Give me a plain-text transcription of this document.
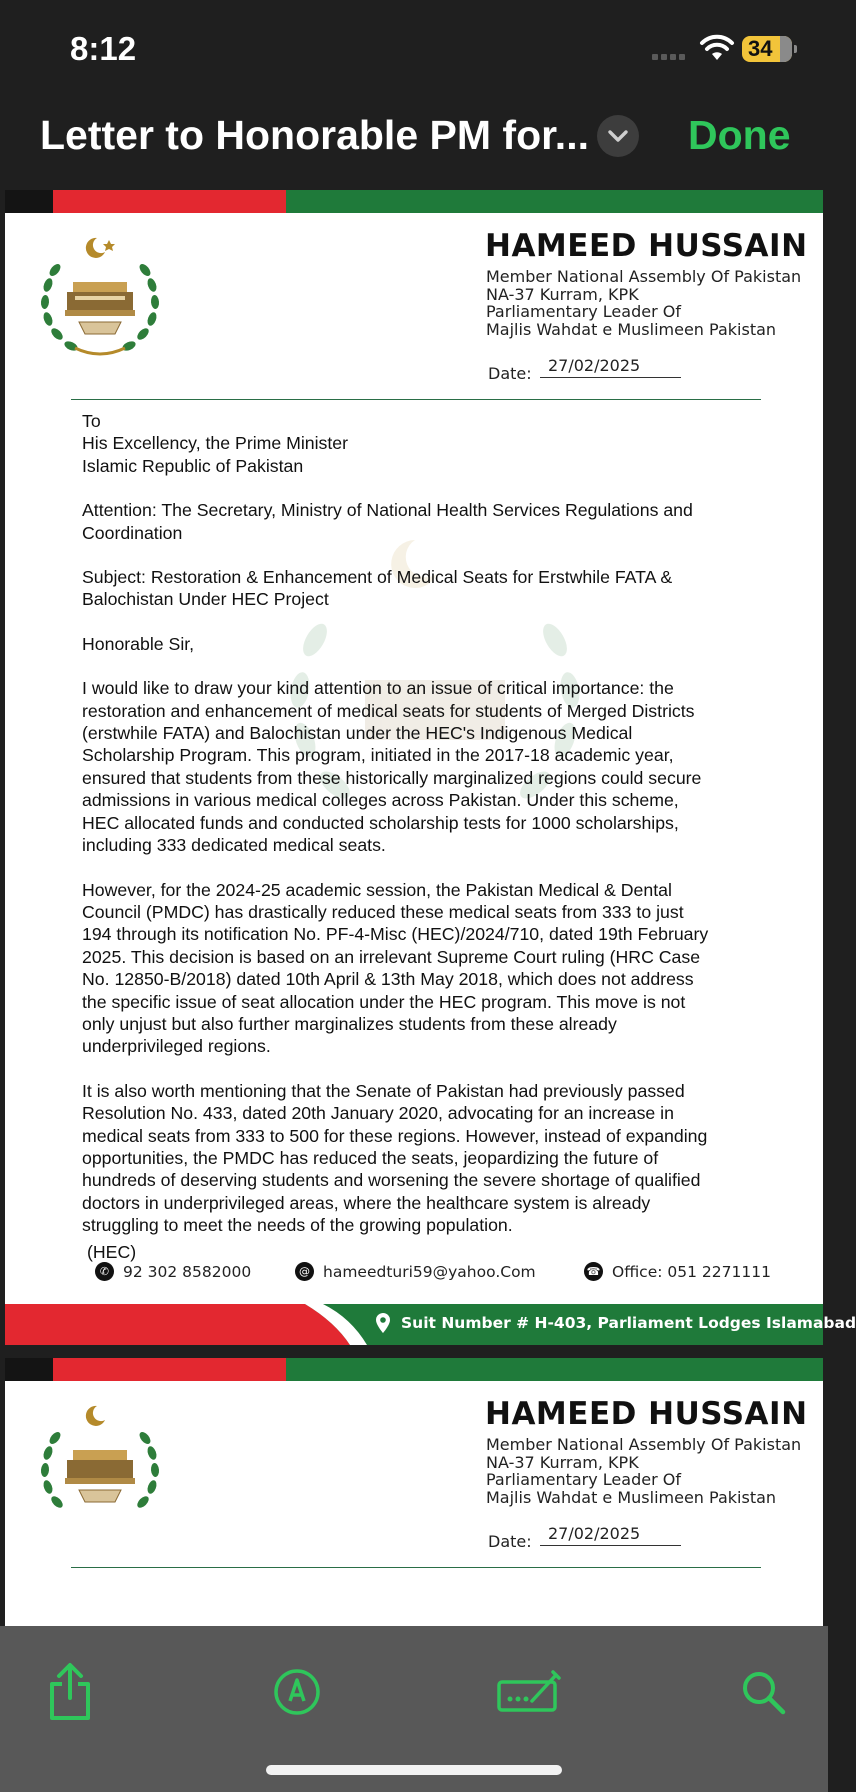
8:12	34
Letter to Honorable PM for... Done
HAMEED HUSSAIN
Member National Assembly Of Pakistan
NA-37 Kurram, KPK
Parliamentary Leader Of
Majlis Wahdat e Muslimeen Pakistan
Date:	27/02/2025
To
His Excellency, the Prime Minister
Islamic Republic of Pakistan
Attention: The Secretary, Ministry of National Health Services Regulations and
Coordination
Subject: Restoration & Enhancement of Medical Seats for Erstwhile FATA &
Balochistan Under HEC Project
Honorable Sir,
I would like to draw your kind attention to an issue of critical importance: the
restoration and enhancement of medical seats for students of Merged Districts
(erstwhile FATA) and Balochistan under the HEC's Indigenous Medical
Scholarship Program. This program, initiated in the 2017-18 academic year,
ensured that students from these historically marginalized regions could secure
admissions in various medical colleges across Pakistan. Under this scheme,
HEC allocated funds and conducted scholarship tests for 1000 scholarships,
including 333 dedicated medical seats.
However, for the 2024-25 academic session, the Pakistan Medical & Dental
Council (PMDC) has drastically reduced these medical seats from 333 to just
194 through its notification No. PF-4-Misc (HEC)/2024/710, dated 19th February
2025. This decision is based on an irrelevant Supreme Court ruling (HRC Case
No. 12850-B/2018) dated 10th April & 13th May 2018, which does not address
the specific issue of seat allocation under the HEC program. This move is not
only unjust but also further marginalizes students from these already
underprivileged regions.
It is also worth mentioning that the Senate of Pakistan had previously passed
Resolution No. 433, dated 20th January 2020, advocating for an increase in
medical seats from 333 to 500 for these regions. However, instead of expanding
opportunities, the PMDC has reduced the seats, jeopardizing the future of
hundreds of deserving students and worsening the severe shortage of qualified
doctors in underprivileged areas, where the healthcare system is already
struggling to meet the needs of the growing population.
(HEC)
✆ 92 302 8582000	@ hameedturi59@yahoo.Com	☎ Office: 051 2271111
Suit Number # H-403, Parliament Lodges Islamabad
HAMEED HUSSAIN
Member National Assembly Of Pakistan
NA-37 Kurram, KPK
Parliamentary Leader Of
Majlis Wahdat e Muslimeen Pakistan
Date:	27/02/2025
